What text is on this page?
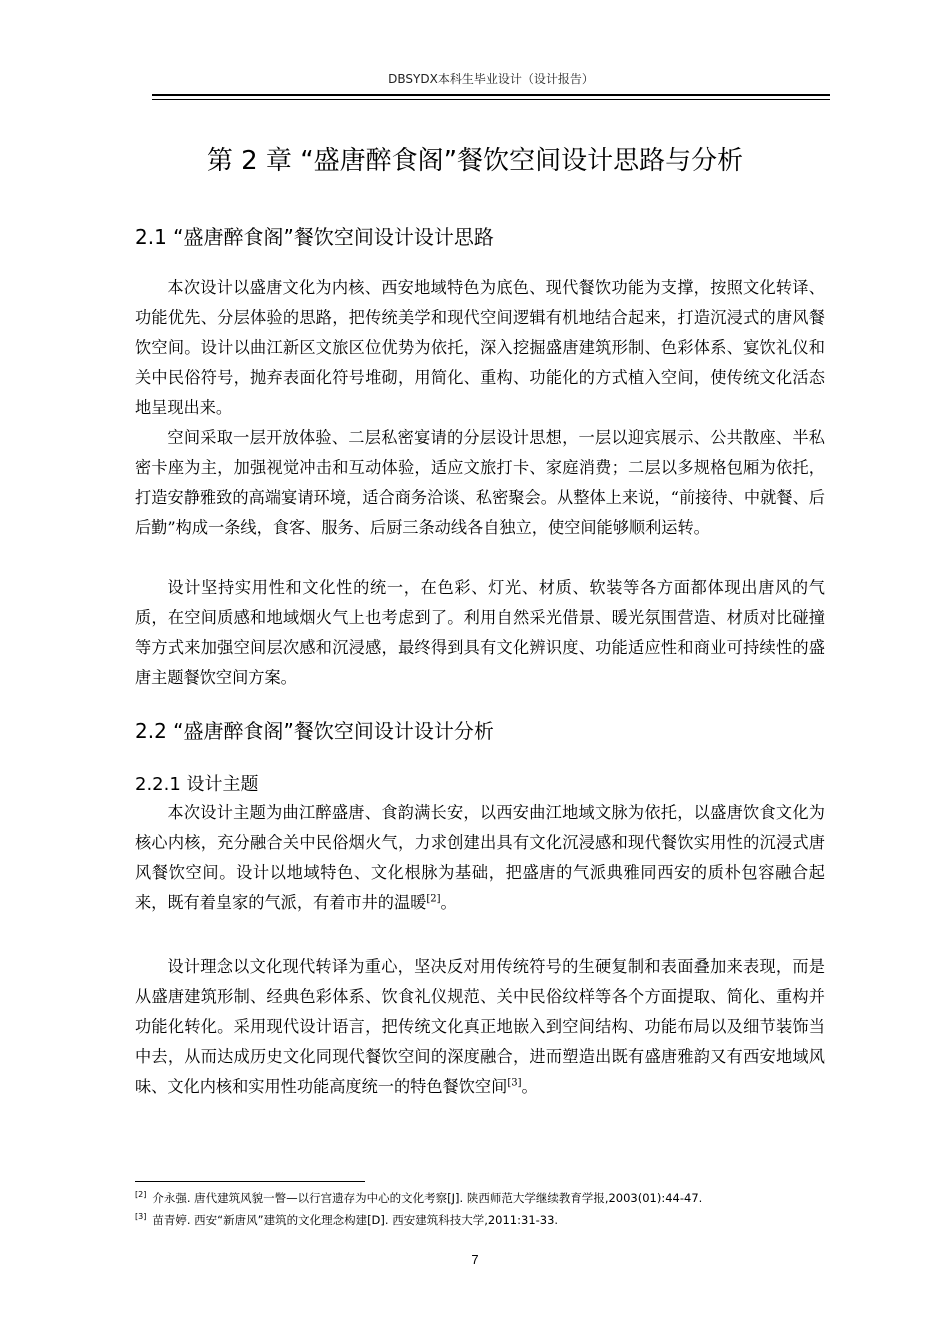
DBSYDX本科生毕业设计（设计报告）
第 2 章 “盛唐醉食阁”餐饮空间设计思路与分析
2.1 “盛唐醉食阁”餐饮空间设计设计思路

本次设计以盛唐文化为内核、西安地域特色为底色、现代餐饮功能为支撑，按照文化转译、功能优先、分层体验的思路，把传统美学和现代空间逻辑有机地结合起来，打造沉浸式的唐风餐饮空间。设计以曲江新区文旅区位优势为依托，深入挖掘盛唐建筑形制、色彩体系、宴饮礼仪和关中民俗符号，抛弃表面化符号堆砌，用简化、重构、功能化的方式植入空间，使传统文化活态地呈现出来。

空间采取一层开放体验、二层私密宴请的分层设计思想，一层以迎宾展示、公共散座、半私密卡座为主，加强视觉冲击和互动体验，适应文旅打卡、家庭消费；二层以多规格包厢为依托，打造安静雅致的高端宴请环境，适合商务洽谈、私密聚会。从整体上来说，“前接待、中就餐、后后勤”构成一条线，食客、服务、后厨三条动线各自独立，使空间能够顺利运转。

设计坚持实用性和文化性的统一，在色彩、灯光、材质、软装等各方面都体现出唐风的气质，在空间质感和地域烟火气上也考虑到了。利用自然采光借景、暖光氛围营造、材质对比碰撞等方式来加强空间层次感和沉浸感，最终得到具有文化辨识度、功能适应性和商业可持续性的盛唐主题餐饮空间方案。

2.2 “盛唐醉食阁”餐饮空间设计设计分析
2.2.1 设计主题

本次设计主题为曲江醉盛唐、食韵满长安，以西安曲江地域文脉为依托，以盛唐饮食文化为核心内核，充分融合关中民俗烟火气，力求创建出具有文化沉浸感和现代餐饮实用性的沉浸式唐风餐饮空间。设计以地域特色、文化根脉为基础，把盛唐的气派典雅同西安的质朴包容融合起来，既有着皇家的气派，有着市井的温暖[2]。

设计理念以文化现代转译为重心，坚决反对用传统符号的生硬复制和表面叠加来表现，而是从盛唐建筑形制、经典色彩体系、饮食礼仪规范、关中民俗纹样等各个方面提取、简化、重构并功能化转化。采用现代设计语言，把传统文化真正地嵌入到空间结构、功能布局以及细节装饰当中去，从而达成历史文化同现代餐饮空间的深度融合，进而塑造出既有盛唐雅韵又有西安地域风味、文化内核和实用性功能高度统一的特色餐饮空间[3]。

[2] 介永强. 唐代建筑风貌一瞥—以行宫遗存为中心的文化考察[J]. 陕西师范大学继续教育学报,2003(01):44-47.
[3] 苗青婷. 西安“新唐风”建筑的文化理念构建[D]. 西安建筑科技大学,2011:31-33.
7
